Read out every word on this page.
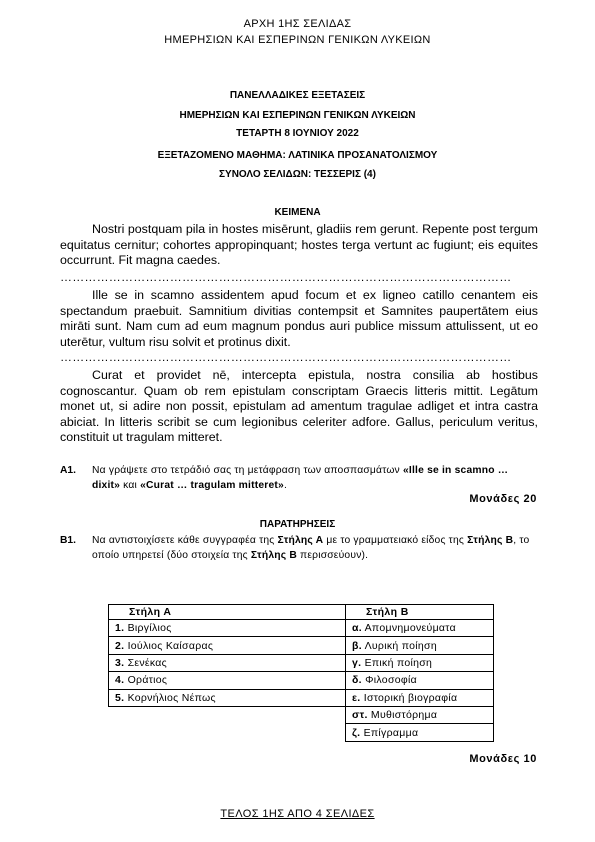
ΑΡΧΗ 1ΗΣ ΣΕΛΙΔΑΣ
ΗΜΕΡΗΣΙΩΝ ΚΑΙ ΕΣΠΕΡΙΝΩΝ ΓΕΝΙΚΩΝ ΛΥΚΕΙΩΝ
ΠΑΝΕΛΛΑΔΙΚΕΣ ΕΞΕΤΑΣΕΙΣ
ΗΜΕΡΗΣΙΩΝ ΚΑΙ ΕΣΠΕΡΙΝΩΝ ΓΕΝΙΚΩΝ ΛΥΚΕΙΩΝ
ΤΕΤΑΡΤΗ 8 ΙΟΥΝΙΟΥ 2022
ΕΞΕΤΑΖΟΜΕΝΟ ΜΑΘΗΜΑ: ΛΑΤΙΝΙΚΑ ΠΡΟΣΑΝΑΤΟΛΙΣΜΟΥ
ΣΥΝΟΛΟ ΣΕΛΙΔΩΝ: ΤΕΣΣΕΡΙΣ (4)
ΚΕΙΜΕΝΑ
Nostri postquam pila in hostes misērunt, gladiis rem gerunt. Repente post tergum equitatus cernitur; cohortes appropinquant; hostes terga vertunt ac fugiunt; eis equites occurrunt. Fit magna caedes.
…………………………………………………………………………………………………
Ille se in scamno assidentem apud focum et ex ligneo catillo cenantem eis spectandum praebuit. Samnitium divitias contempsit et Samnites paupertātem eius mirāti sunt. Nam cum ad eum magnum pondus auri publice missum attulissent, ut eo uterētur, vultum risu solvit et protinus dixit.
…………………………………………………………………………………………………
Curat et providet nē, intercepta epistula, nostra consilia ab hostibus cognoscantur. Quam ob rem epistulam conscriptam Graecis litteris mittit. Legātum monet ut, si adire non possit, epistulam ad amentum tragulae adliget et intra castra abiciat. In litteris scribit se cum legionibus celeriter adfore. Gallus, periculum veritus, constituit ut tragulam mitteret.
Α1. Να γράψετε στο τετράδιό σας τη μετάφραση των αποσπασμάτων «Ille se in scamno … dixit» και «Curat … tragulam mitteret».
Μονάδες 20
ΠΑΡΑΤΗΡΗΣΕΙΣ
Β1. Να αντιστοιχίσετε κάθε συγγραφέα της Στήλης Α με το γραμματειακό είδος της Στήλης Β, το οποίο υπηρετεί (δύο στοιχεία της Στήλης Β περισσεύουν).
Στήλη Α	Στήλη Β
1. Βιργίλιος	α. Απομνημονεύματα
2. Ιούλιος Καίσαρας	β. Λυρική ποίηση
3. Σενέκας	γ. Επική ποίηση
4. Οράτιος	δ. Φιλοσοφία
5. Κορνήλιος Νέπως	ε. Ιστορική βιογραφία
	στ. Μυθιστόρημα
	ζ. Επίγραμμα
Μονάδες 10
ΤΕΛΟΣ 1ΗΣ ΑΠΟ 4 ΣΕΛΙΔΕΣ
